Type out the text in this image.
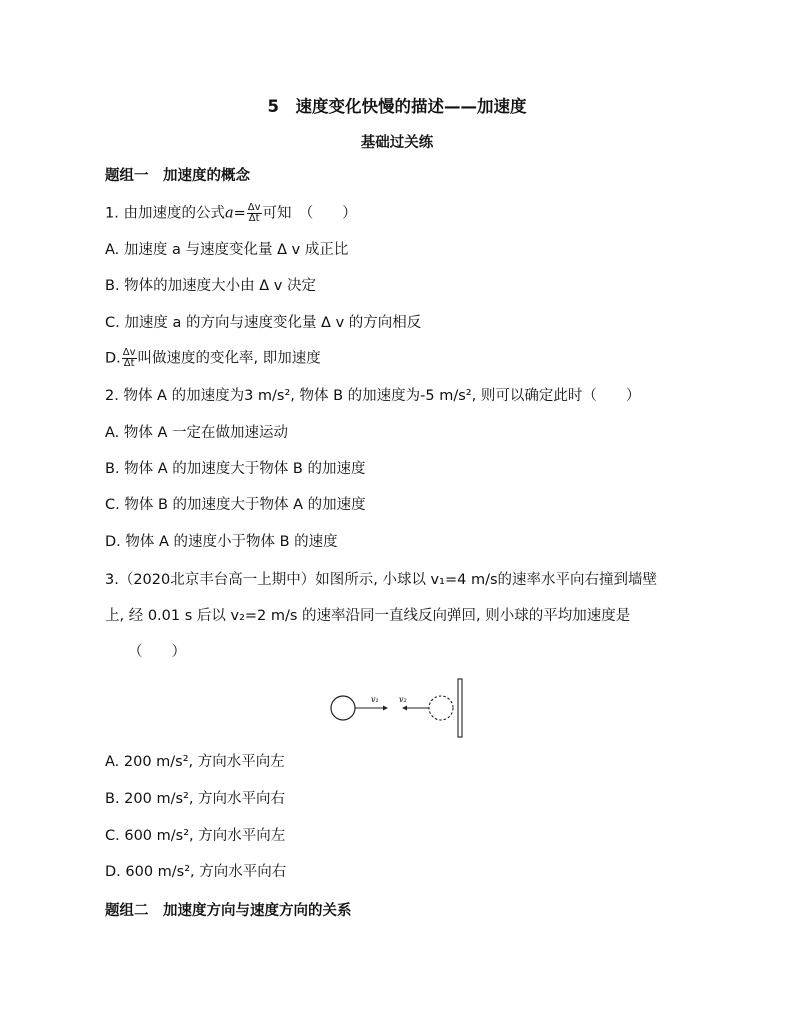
5　速度变化快慢的描述——加速度
基础过关练
题组一　加速度的概念
1. 由加速度的公式$a= \frac{\Delta v}{\Delta t}$ 可知　（　　）
A. 加速度 a 与速度变化量 Δ v 成正比
B. 物体的加速度大小由 Δ v 决定
C. 加速度 a 的方向与速度变化量 Δ v 的方向相反
D. $\frac{\Delta v}{\Delta t}$ 叫做速度的变化率, 即加速度
2. 物体 A 的加速度为3 m/s², 物体 B 的加速度为-5 m/s², 则可以确定此时（　　）
A. 物体 A 一定在做加速运动
B. 物体 A 的加速度大于物体 B 的加速度
C. 物体 B 的加速度大于物体 A 的加速度
D. 物体 A 的速度小于物体 B 的速度
3.（2020北京丰台高一上期中）如图所示, 小球以 v₁=4 m/s的速率水平向右撞到墙壁
上, 经 0.01 s 后以 v₂=2 m/s 的速率沿同一直线反向弹回, 则小球的平均加速度是
（　　）
v₁	v₂
A. 200 m/s², 方向水平向左
B. 200 m/s², 方向水平向右
C. 600 m/s², 方向水平向左
D. 600 m/s², 方向水平向右
题组二　加速度方向与速度方向的关系
